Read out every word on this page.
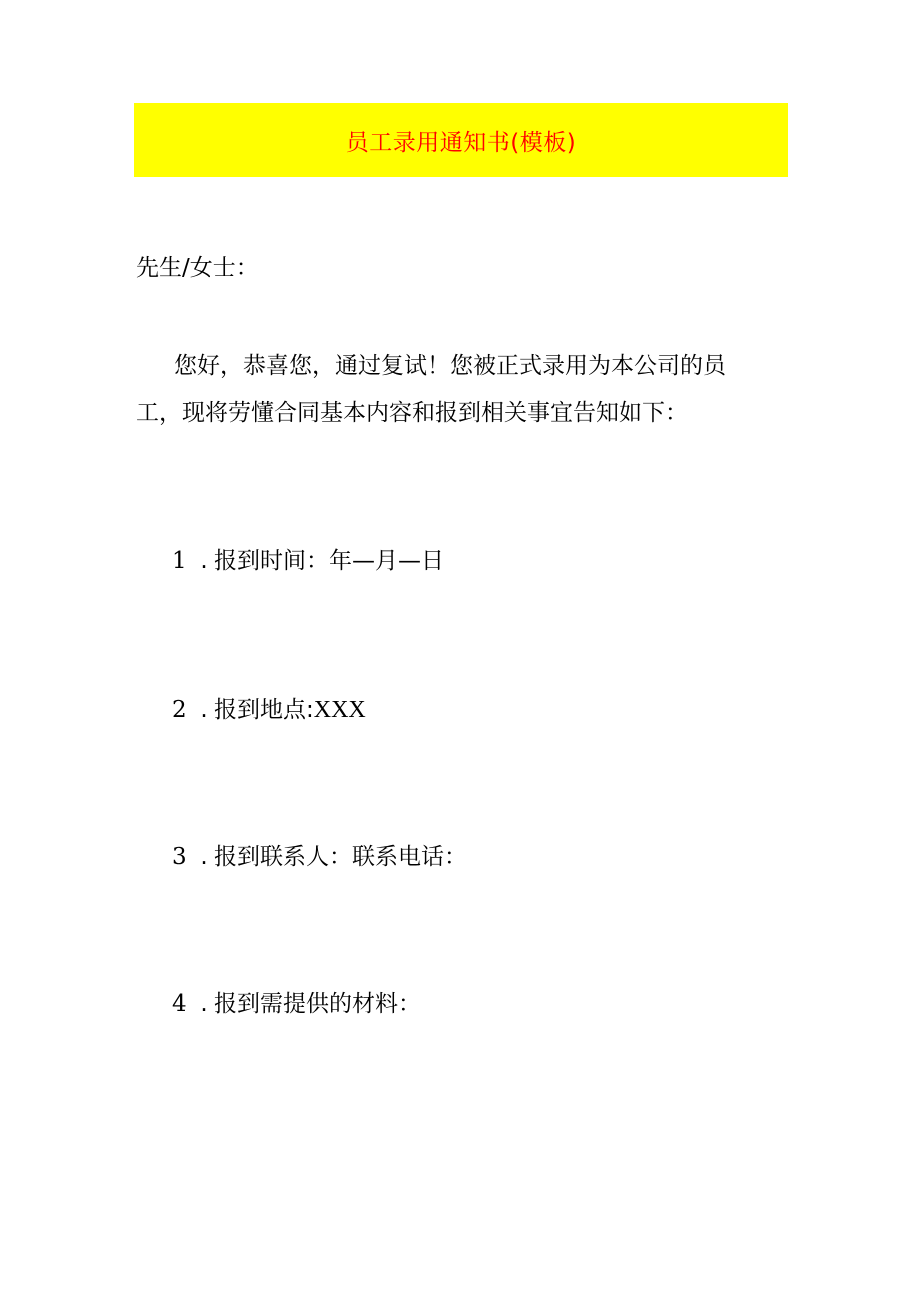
员工录用通知书(模板)
先生/女士：
您好，恭喜您，通过复试！您被正式录用为本公司的员
工，现将劳懂合同基本内容和报到相关事宜告知如下：
1 . 报到时间：年—月—日
2 . 报到地点:XXX
3 . 报到联系人：联系电话：
4 . 报到需提供的材料：
